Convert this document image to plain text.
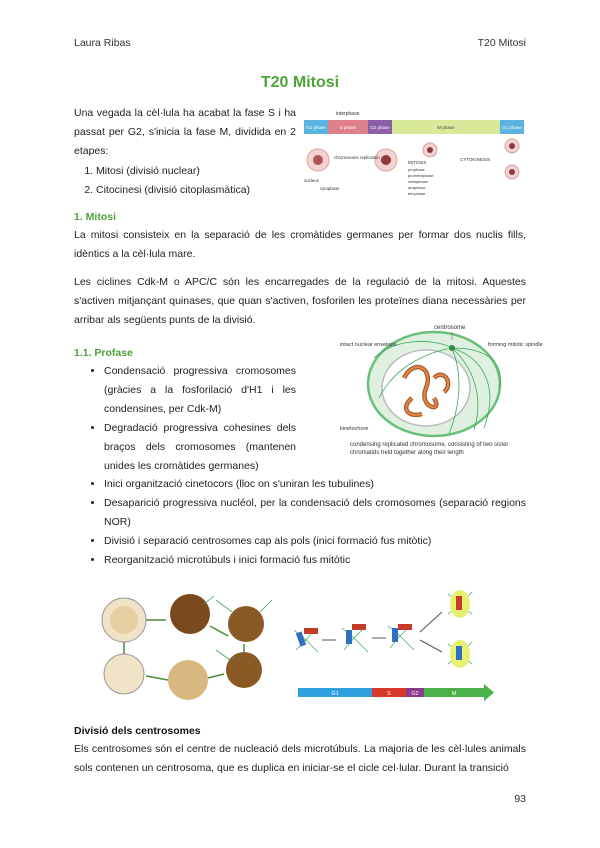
Laura Ribas	T20 Mitosi
T20 Mitosi

Una vegada la cèl·lula ha acabat la fase S i ha passat per G2, s'inicia la fase M, dividida en 2 etapes:

1. Mitosi (divisió nuclear)
2. Citocinesi (divisió citoplasmàtica)
interphase
G1 phase	S phase	G2 phase	M phase	G1 phase
chromosome replication
nucleus
cytoplasm
MITOSIS
prophase
prometaphase
metaphase
anaphase
telophase
CYTOKINESIS
1. Mitosi

La mitosi consisteix en la separació de les cromàtides germanes per formar dos nuclis fills, idèntics a la cèl·lula mare.

Les ciclines Cdk-M o APC/C són les encarregades de la regulació de la mitosi. Aquestes s'activen mitjançant quinases, que quan s'activen, fosforilen les proteïnes diana necessàries per arribar als següents punts de la divisió.

1.1. Profase
• Condensació progressiva cromosomes (gràcies a la fosforilació d'H1 i les condensines, per Cdk-M)
• Degradació progressiva cohesines dels braços dels cromosomes (mantenen unides les cromàtides germanes)
• Inici organització cinetocors (lloc on s'uniran les tubulines)
• Desaparició progressiva nucléol, per la condensació dels cromosomes (separació regions NOR)
• Divisió i separació centrosomes cap als pols (inici formació fus mitòtic)
• Reorganització microtúbuls i inici formació fus mitòtic
centrosome
intact nuclear envelope	forming mitotic spindle
kinetochore
condensing replicated chromosome, consisting of two sister chromatids held together along their length
G1	S	G2	M
Divisió dels centrosomes

Els centrosomes són el centre de nucleació dels microtúbuls. La majoria de les cèl·lules animals sols contenen un centrosoma, que es duplica en iniciar-se el cicle cel·lular. Durant la transició

93
